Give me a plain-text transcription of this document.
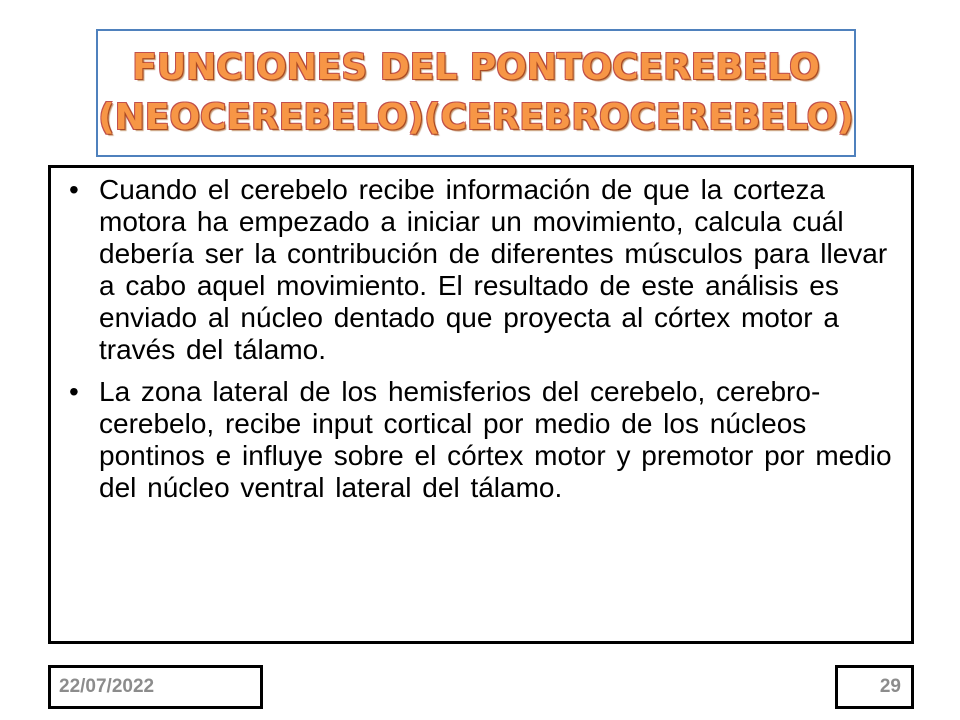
FUNCIONES DEL PONTOCEREBELO
(NEOCEREBELO)(CEREBROCEREBELO)
• Cuando el cerebelo recibe información de que la corteza motora ha empezado a iniciar un movimiento, calcula cuál debería ser la contribución de diferentes músculos para llevar a cabo aquel movimiento. El resultado de este análisis es enviado al núcleo dentado que proyecta al córtex motor a través del tálamo.
• La zona lateral de los hemisferios del cerebelo, cerebro-cerebelo, recibe input cortical por medio de los núcleos pontinos e influye sobre el córtex motor y premotor por medio del núcleo ventral lateral del tálamo.
22/07/2022	29
